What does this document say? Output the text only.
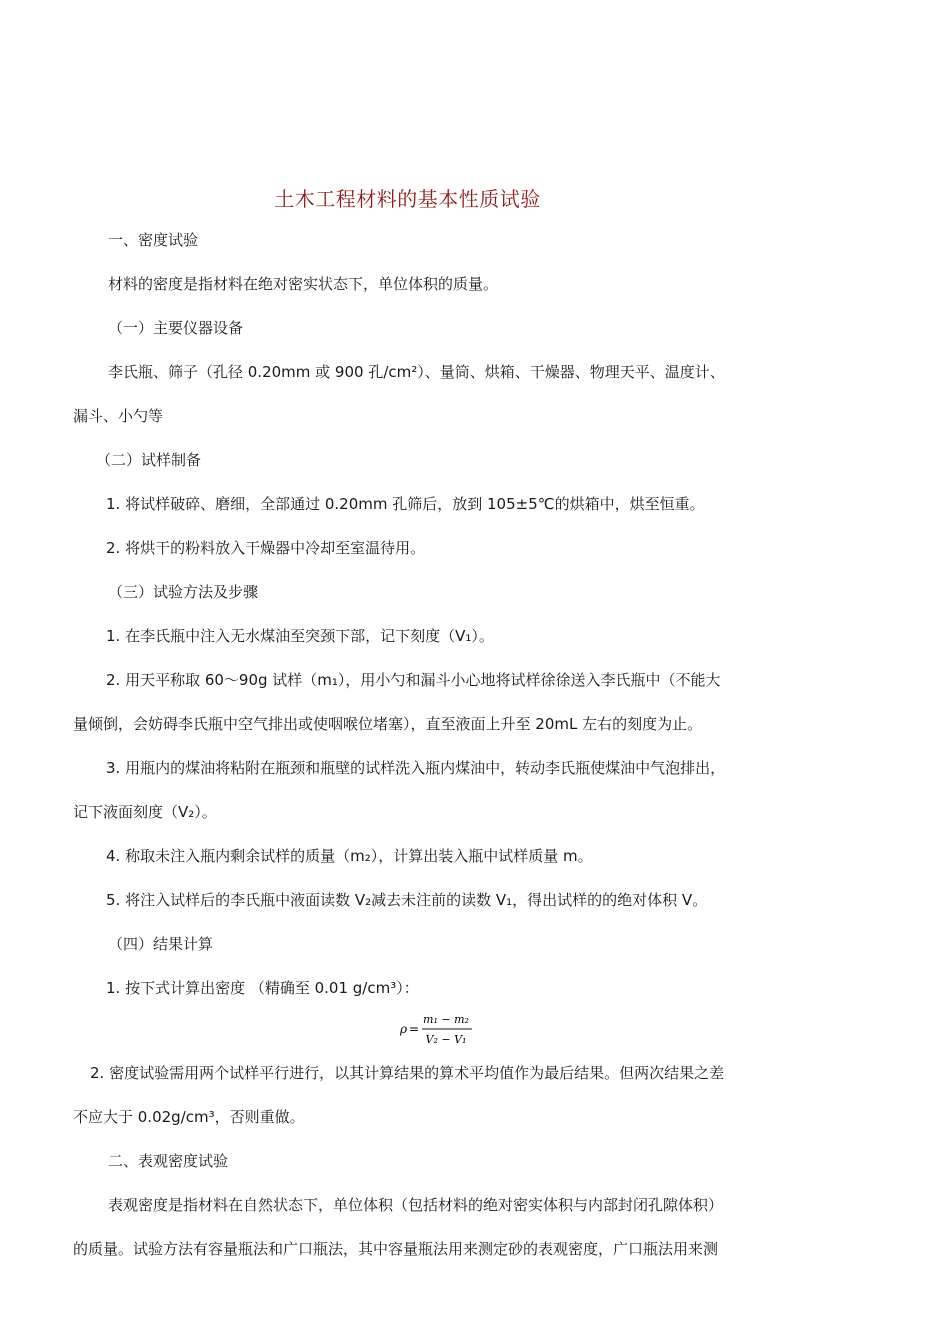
土木工程材料的基本性质试验
一、密度试验
材料的密度是指材料在绝对密实状态下，单位体积的质量。
（一）主要仪器设备
李氏瓶、筛子（孔径 0.20mm 或 900 孔/cm²）、量筒、烘箱、干燥器、物理天平、温度计、
漏斗、小勺等
（二）试样制备
1. 将试样破碎、磨细，全部通过 0.20mm 孔筛后，放到 105±5℃的烘箱中，烘至恒重。
2. 将烘干的粉料放入干燥器中冷却至室温待用。
（三）试验方法及步骤
1. 在李氏瓶中注入无水煤油至突颈下部，记下刻度（V₁）。
2. 用天平称取 60～90g 试样（m₁），用小勺和漏斗小心地将试样徐徐送入李氏瓶中（不能大
量倾倒，会妨碍李氏瓶中空气排出或使咽喉位堵塞），直至液面上升至 20mL 左右的刻度为止。
3. 用瓶内的煤油将粘附在瓶颈和瓶壁的试样洗入瓶内煤油中，转动李氏瓶使煤油中气泡排出，
记下液面刻度（V₂）。
4. 称取未注入瓶内剩余试样的质量（m₂），计算出装入瓶中试样质量 m。
5. 将注入试样后的李氏瓶中液面读数 V₂减去未注前的读数 V₁，得出试样的的绝对体积 V。
（四）结果计算
1. 按下式计算出密度 （精确至 0.01 g/cm³）：
ρ =
m₁ − m₂
V₂ − V₁
2. 密度试验需用两个试样平行进行，以其计算结果的算术平均值作为最后结果。但两次结果之差
不应大于 0.02g/cm³，否则重做。
二、表观密度试验
表观密度是指材料在自然状态下，单位体积（包括材料的绝对密实体积与内部封闭孔隙体积）
的质量。试验方法有容量瓶法和广口瓶法，其中容量瓶法用来测定砂的表观密度，广口瓶法用来测
